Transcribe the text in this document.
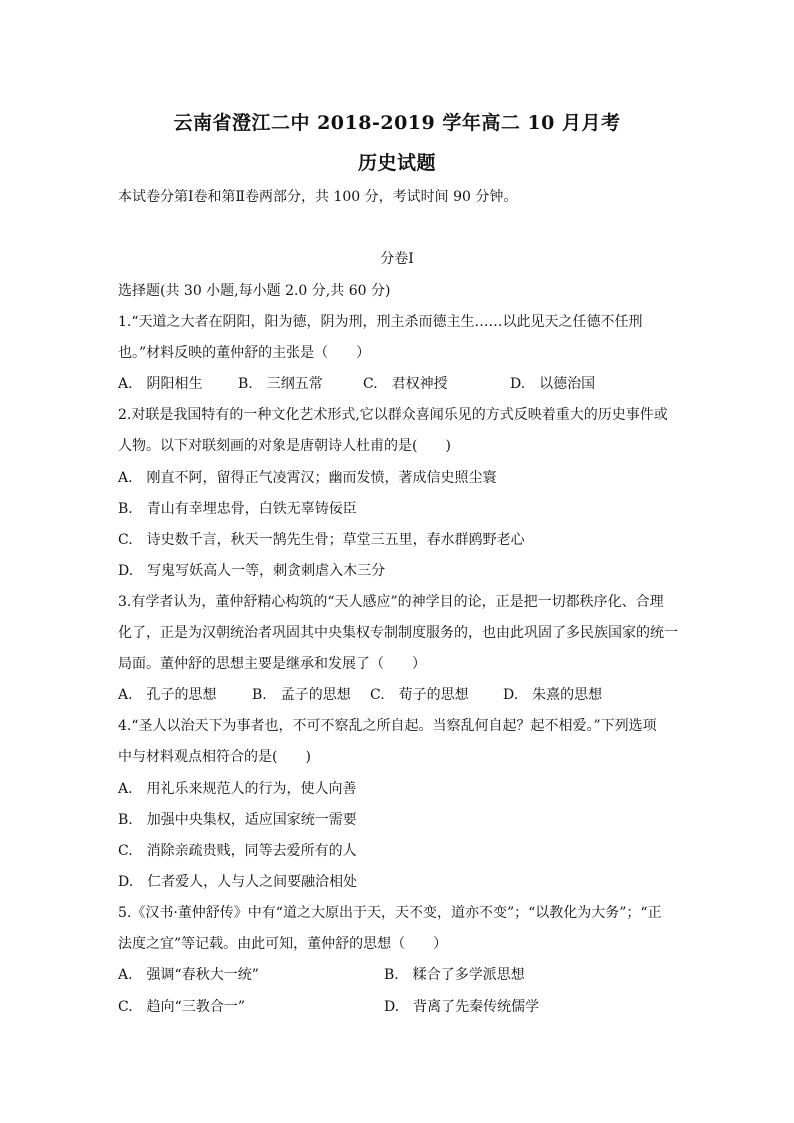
云南省澄江二中 2018-2019 学年高二 10 月月考
历史试题
本试卷分第Ⅰ卷和第Ⅱ卷两部分，共 100 分，考试时间 90 分钟。
分卷I
选择题(共 30 小题,每小题 2.0 分,共 60 分)
1.“天道之大者在阴阳，阳为德，阴为刑，刑主杀而德主生……以此见天之任德不任刑
也。”材料反映的董仲舒的主张是（　　）
A.　阴阳相生	B.　三纲五常	C.　君权神授	D.　以德治国
2.对联是我国特有的一种文化艺术形式,它以群众喜闻乐见的方式反映着重大的历史事件或
人物。以下对联刻画的对象是唐朝诗人杜甫的是(　　)
A.　刚直不阿，留得正气凌霄汉；幽而发愤，著成信史照尘寰
B.　青山有幸埋忠骨，白铁无辜铸佞臣
C.　诗史数千言，秋天一鹄先生骨；草堂三五里，春水群鸥野老心
D.　写鬼写妖高人一等，刺贪刺虐入木三分
3.有学者认为，董仲舒精心构筑的“天人感应”的神学目的论，正是把一切都秩序化、合理
化了，正是为汉朝统治者巩固其中央集权专制制度服务的，也由此巩固了多民族国家的统一
局面。董仲舒的思想主要是继承和发展了（　　）
A.　孔子的思想	B.　孟子的思想 C.　荀子的思想 D.　朱熹的思想
4.“圣人以治天下为事者也，不可不察乱之所自起。当察乱何自起？起不相爱。”下列选项
中与材料观点相符合的是(　　)
A.　用礼乐来规范人的行为，使人向善
B.　加强中央集权，适应国家统一需要
C.　消除亲疏贵贱，同等去爱所有的人
D.　仁者爱人，人与人之间要融洽相处
5.《汉书·董仲舒传》中有“道之大原出于天，天不变，道亦不变”；“以教化为大务”；“正
法度之宜”等记载。由此可知，董仲舒的思想（　　）
A.　强调“春秋大一统”	B.　糅合了多学派思想
C.　趋向“三教合一”	D.　背离了先秦传统儒学
